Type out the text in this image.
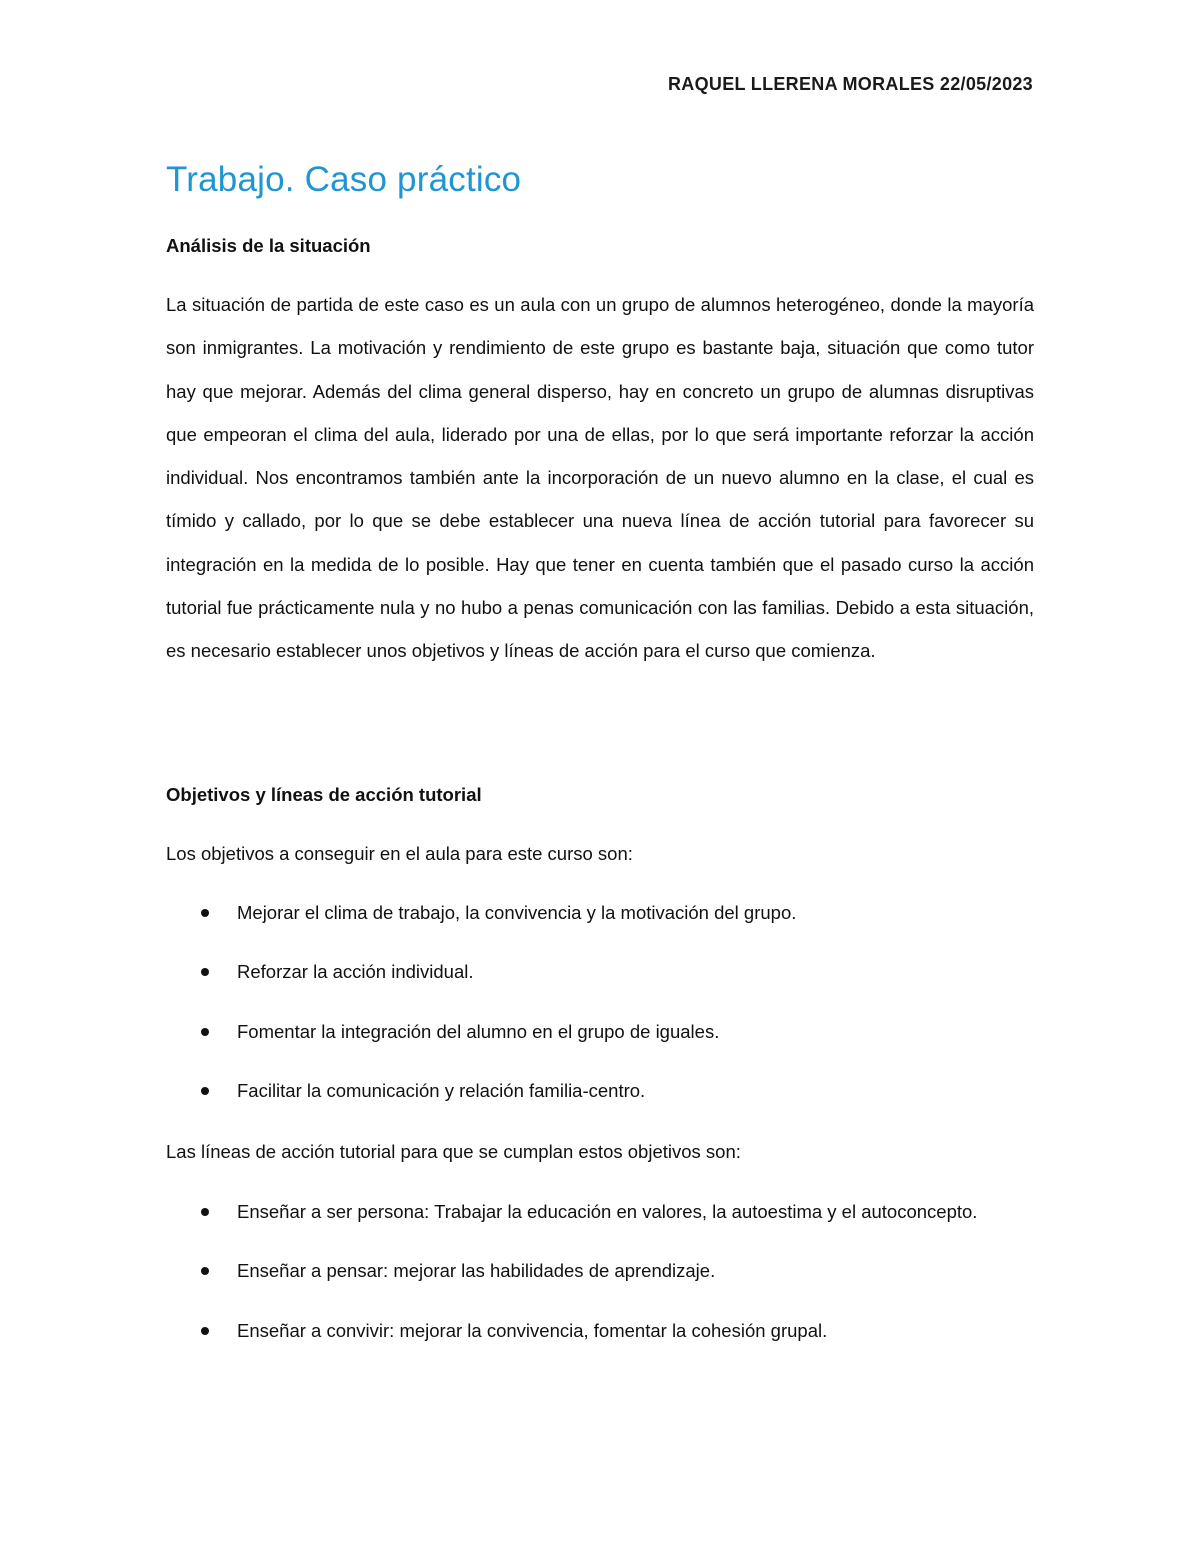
RAQUEL LLERENA MORALES 22/05/2023
Trabajo. Caso práctico
Análisis de la situación
La situación de partida de este caso es un aula con un grupo de alumnos heterogéneo, donde la mayoría son inmigrantes. La motivación y rendimiento de este grupo es bastante baja, situación que como tutor hay que mejorar. Además del clima general disperso, hay en concreto un grupo de alumnas disruptivas que empeoran el clima del aula, liderado por una de ellas, por lo que será importante reforzar la acción individual. Nos encontramos también ante la incorporación de un nuevo alumno en la clase, el cual es tímido y callado, por lo que se debe establecer una nueva línea de acción tutorial para favorecer su integración en la medida de lo posible. Hay que tener en cuenta también que el pasado curso la acción tutorial fue prácticamente nula y no hubo a penas comunicación con las familias. Debido a esta situación, es necesario establecer unos objetivos y líneas de acción para el curso que comienza.
Objetivos y líneas de acción tutorial
Los objetivos a conseguir en el aula para este curso son:
Mejorar el clima de trabajo, la convivencia y la motivación del grupo.
Reforzar la acción individual.
Fomentar la integración del alumno en el grupo de iguales.
Facilitar la comunicación y relación familia-centro.
Las líneas de acción tutorial para que se cumplan estos objetivos son:
Enseñar a ser persona: Trabajar la educación en valores, la autoestima y el autoconcepto.
Enseñar a pensar: mejorar las habilidades de aprendizaje.
Enseñar a convivir: mejorar la convivencia, fomentar la cohesión grupal.
